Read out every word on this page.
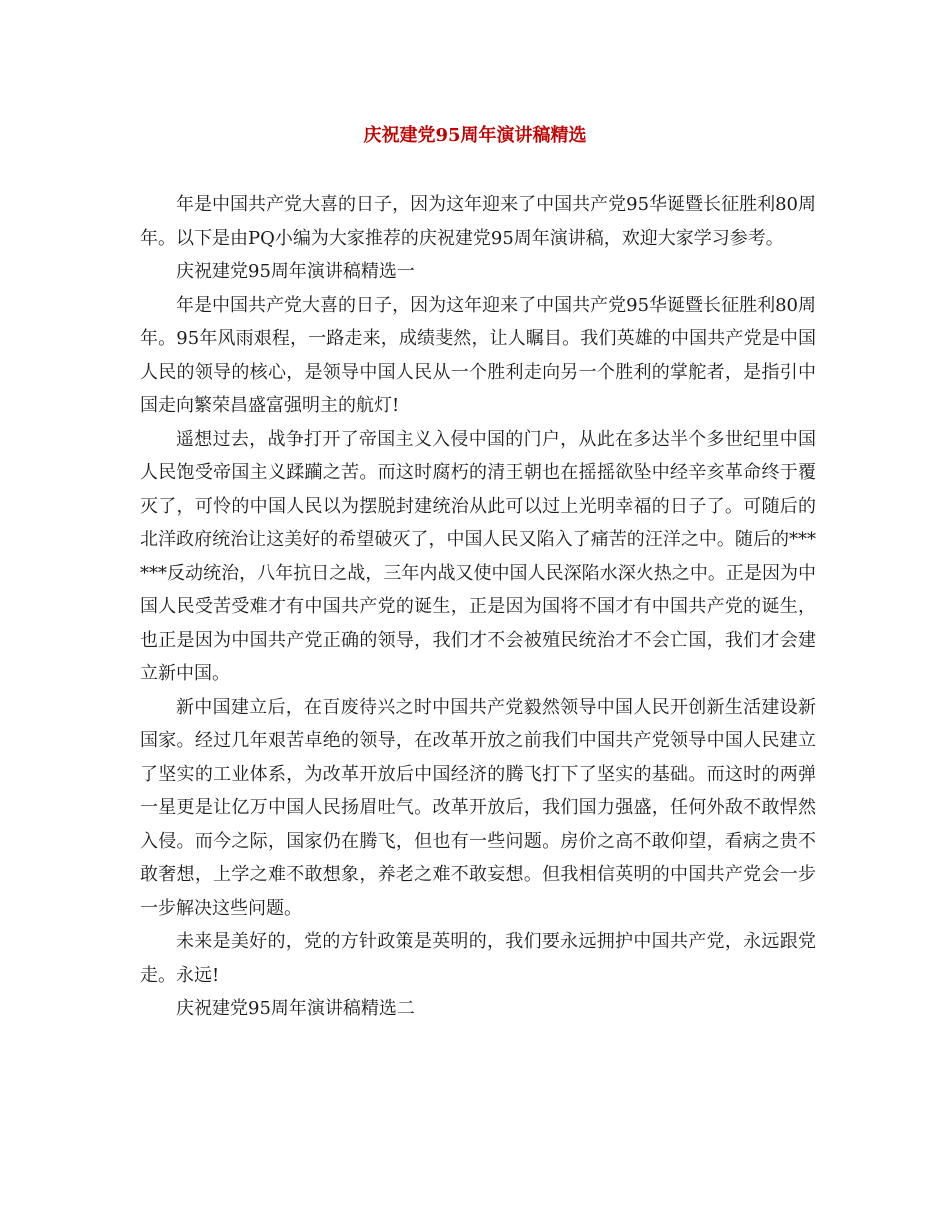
庆祝建党95周年演讲稿精选

年是中国共产党大喜的日子，因为这年迎来了中国共产党95华诞暨长征胜利80周年。以下是由PQ小编为大家推荐的庆祝建党95周年演讲稿，欢迎大家学习参考。

庆祝建党95周年演讲稿精选一

年是中国共产党大喜的日子，因为这年迎来了中国共产党95华诞暨长征胜利80周年。95年风雨艰程，一路走来，成绩斐然，让人瞩目。我们英雄的中国共产党是中国人民的领导的核心，是领导中国人民从一个胜利走向另一个胜利的掌舵者，是指引中国走向繁荣昌盛富强明主的航灯!

遥想过去，战争打开了帝国主义入侵中国的门户，从此在多达半个多世纪里中国人民饱受帝国主义蹂躏之苦。而这时腐朽的清王朝也在摇摇欲坠中经辛亥革命终于覆灭了，可怜的中国人民以为摆脱封建统治从此可以过上光明幸福的日子了。可随后的北洋政府统治让这美好的希望破灭了，中国人民又陷入了痛苦的汪洋之中。随后的******反动统治，八年抗日之战，三年内战又使中国人民深陷水深火热之中。正是因为中国人民受苦受难才有中国共产党的诞生，正是因为国将不国才有中国共产党的诞生，也正是因为中国共产党正确的领导，我们才不会被殖民统治才不会亡国，我们才会建立新中国。

新中国建立后，在百废待兴之时中国共产党毅然领导中国人民开创新生活建设新国家。经过几年艰苦卓绝的领导，在改革开放之前我们中国共产党领导中国人民建立了坚实的工业体系，为改革开放后中国经济的腾飞打下了坚实的基础。而这时的两弹一星更是让亿万中国人民扬眉吐气。改革开放后，我们国力强盛，任何外敌不敢悍然入侵。而今之际，国家仍在腾飞，但也有一些问题。房价之高不敢仰望，看病之贵不敢奢想，上学之难不敢想象，养老之难不敢妄想。但我相信英明的中国共产党会一步一步解决这些问题。

未来是美好的，党的方针政策是英明的，我们要永远拥护中国共产党，永远跟党走。永远!

庆祝建党95周年演讲稿精选二
